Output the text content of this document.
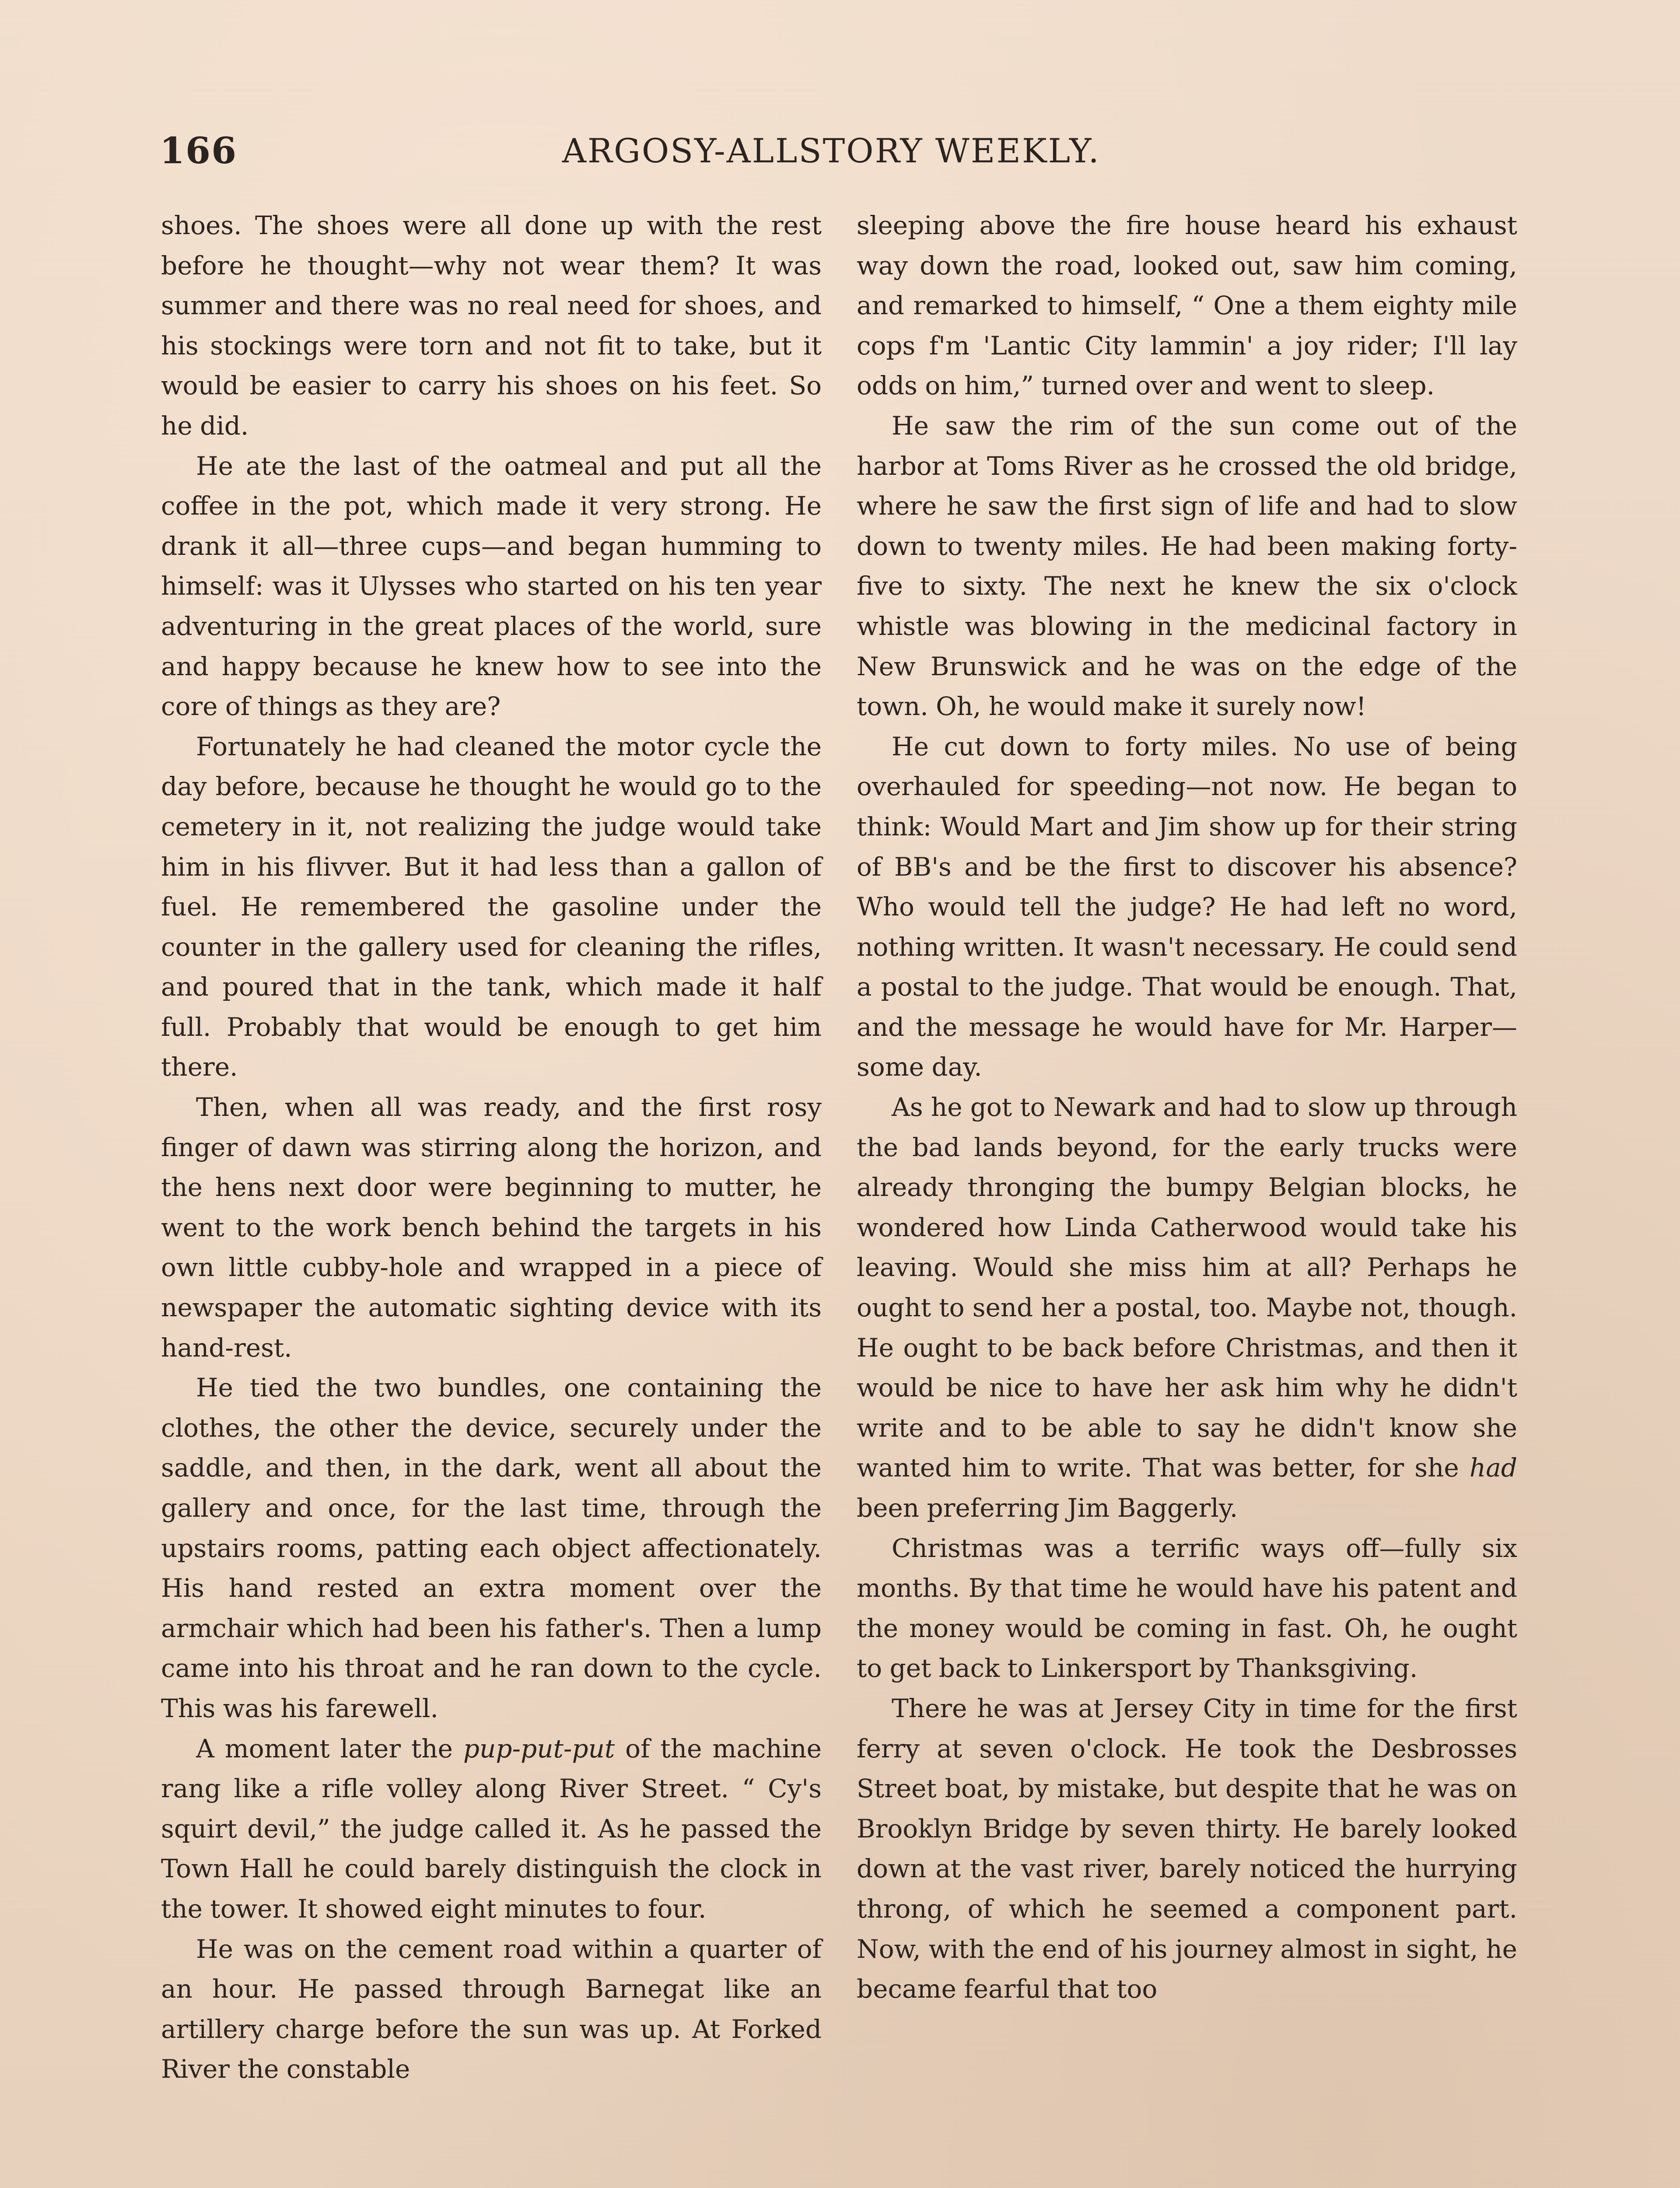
166	ARGOSY-ALLSTORY WEEKLY.

shoes. The shoes were all done up with the rest before he thought—why not wear them? It was summer and there was no real need for shoes, and his stockings were torn and not fit to take, but it would be easier to carry his shoes on his feet. So he did.

He ate the last of the oatmeal and put all the coffee in the pot, which made it very strong. He drank it all—three cups—and began humming to himself: was it Ulysses who started on his ten year adventuring in the great places of the world, sure and happy because he knew how to see into the core of things as they are?

Fortunately he had cleaned the motor cycle the day before, because he thought he would go to the cemetery in it, not realizing the judge would take him in his flivver. But it had less than a gallon of fuel. He remembered the gasoline under the counter in the gallery used for cleaning the rifles, and poured that in the tank, which made it half full. Probably that would be enough to get him there.

Then, when all was ready, and the first rosy finger of dawn was stirring along the horizon, and the hens next door were beginning to mutter, he went to the work bench behind the targets in his own little cubby-hole and wrapped in a piece of newspaper the automatic sighting device with its hand-rest.

He tied the two bundles, one containing the clothes, the other the device, securely under the saddle, and then, in the dark, went all about the gallery and once, for the last time, through the upstairs rooms, patting each object affectionately. His hand rested an extra moment over the armchair which had been his father's. Then a lump came into his throat and he ran down to the cycle. This was his farewell.

A moment later the pup-put-put of the machine rang like a rifle volley along River Street. “ Cy's squirt devil,” the judge called it. As he passed the Town Hall he could barely distinguish the clock in the tower. It showed eight minutes to four.

He was on the cement road within a quarter of an hour. He passed through Barnegat like an artillery charge before the sun was up. At Forked River the constable

sleeping above the fire house heard his exhaust way down the road, looked out, saw him coming, and remarked to himself, “ One a them eighty mile cops f'm 'Lantic City lammin' a joy rider; I'll lay odds on him,” turned over and went to sleep.

He saw the rim of the sun come out of the harbor at Toms River as he crossed the old bridge, where he saw the first sign of life and had to slow down to twenty miles. He had been making forty-five to sixty. The next he knew the six o'clock whistle was blowing in the medicinal factory in New Brunswick and he was on the edge of the town. Oh, he would make it surely now!

He cut down to forty miles. No use of being overhauled for speeding—not now. He began to think: Would Mart and Jim show up for their string of BB's and be the first to discover his absence? Who would tell the judge? He had left no word, nothing written. It wasn't necessary. He could send a postal to the judge. That would be enough. That, and the message he would have for Mr. Harper—some day.

As he got to Newark and had to slow up through the bad lands beyond, for the early trucks were already thronging the bumpy Belgian blocks, he wondered how Linda Catherwood would take his leaving. Would she miss him at all? Perhaps he ought to send her a postal, too. Maybe not, though. He ought to be back before Christmas, and then it would be nice to have her ask him why he didn't write and to be able to say he didn't know she wanted him to write. That was better, for she had been preferring Jim Baggerly.

Christmas was a terrific ways off—fully six months. By that time he would have his patent and the money would be coming in fast. Oh, he ought to get back to Linkersport by Thanksgiving.

There he was at Jersey City in time for the first ferry at seven o'clock. He took the Desbrosses Street boat, by mistake, but despite that he was on Brooklyn Bridge by seven thirty. He barely looked down at the vast river, barely noticed the hurrying throng, of which he seemed a component part. Now, with the end of his journey almost in sight, he became fearful that too
